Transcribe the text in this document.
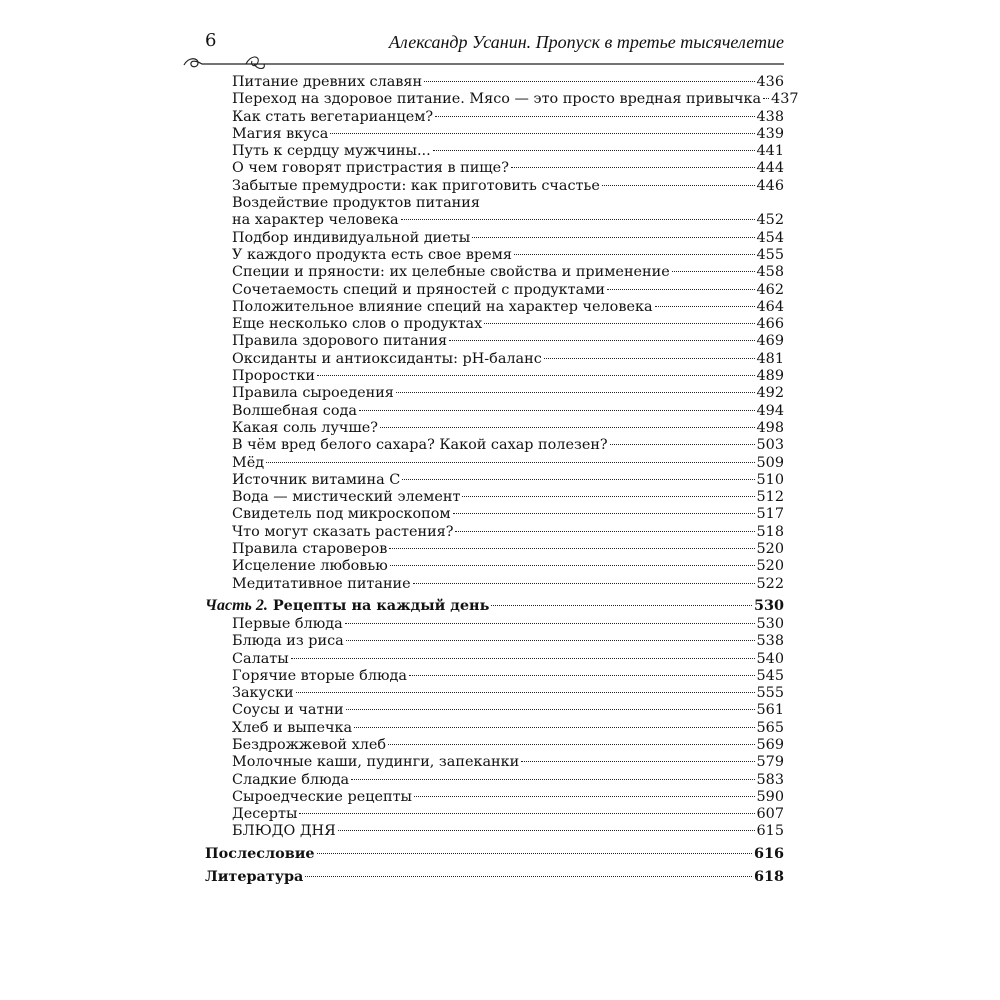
6	Александр Усанин. Пропуск в третье тысячелетие
Питание древних славян	436
Переход на здоровое питание. Мясо — это просто вредная привычка 437
Как стать вегетарианцем?	438
Магия вкуса	439
Путь к сердцу мужчины...	441
О чем говорят пристрастия в пище?	444
Забытые премудрости: как приготовить счастье	446
Воздействие продуктов питания
на характер человека	452
Подбор индивидуальной диеты	454
У каждого продукта есть свое время	455
Специи и пряности: их целебные свойства и применение	458
Сочетаемость специй и пряностей с продуктами	462
Положительное влияние специй на характер человека	464
Еще несколько слов о продуктах	466
Правила здорового питания	469
Оксиданты и антиоксиданты: рН-баланс	481
Проростки	489
Правила сыроедения	492
Волшебная сода	494
Какая соль лучше?	498
В чём вред белого сахара? Какой сахар полезен?	503
Мёд	509
Источник витамина С	510
Вода — мистический элемент	512
Свидетель под микроскопом	517
Что могут сказать растения?	518
Правила староверов	520
Исцеление любовью	520
Медитативное питание	522
Часть 2. Рецепты на каждый день	530
Первые блюда	530
Блюда из риса	538
Салаты	540
Горячие вторые блюда	545
Закуски	555
Соусы и чатни	561
Хлеб и выпечка	565
Бездрожжевой хлеб	569
Молочные каши, пудинги, запеканки	579
Сладкие блюда	583
Сыроедческие рецепты	590
Десерты	607
БЛЮДО ДНЯ	615
Послесловие	616
Литература	618
